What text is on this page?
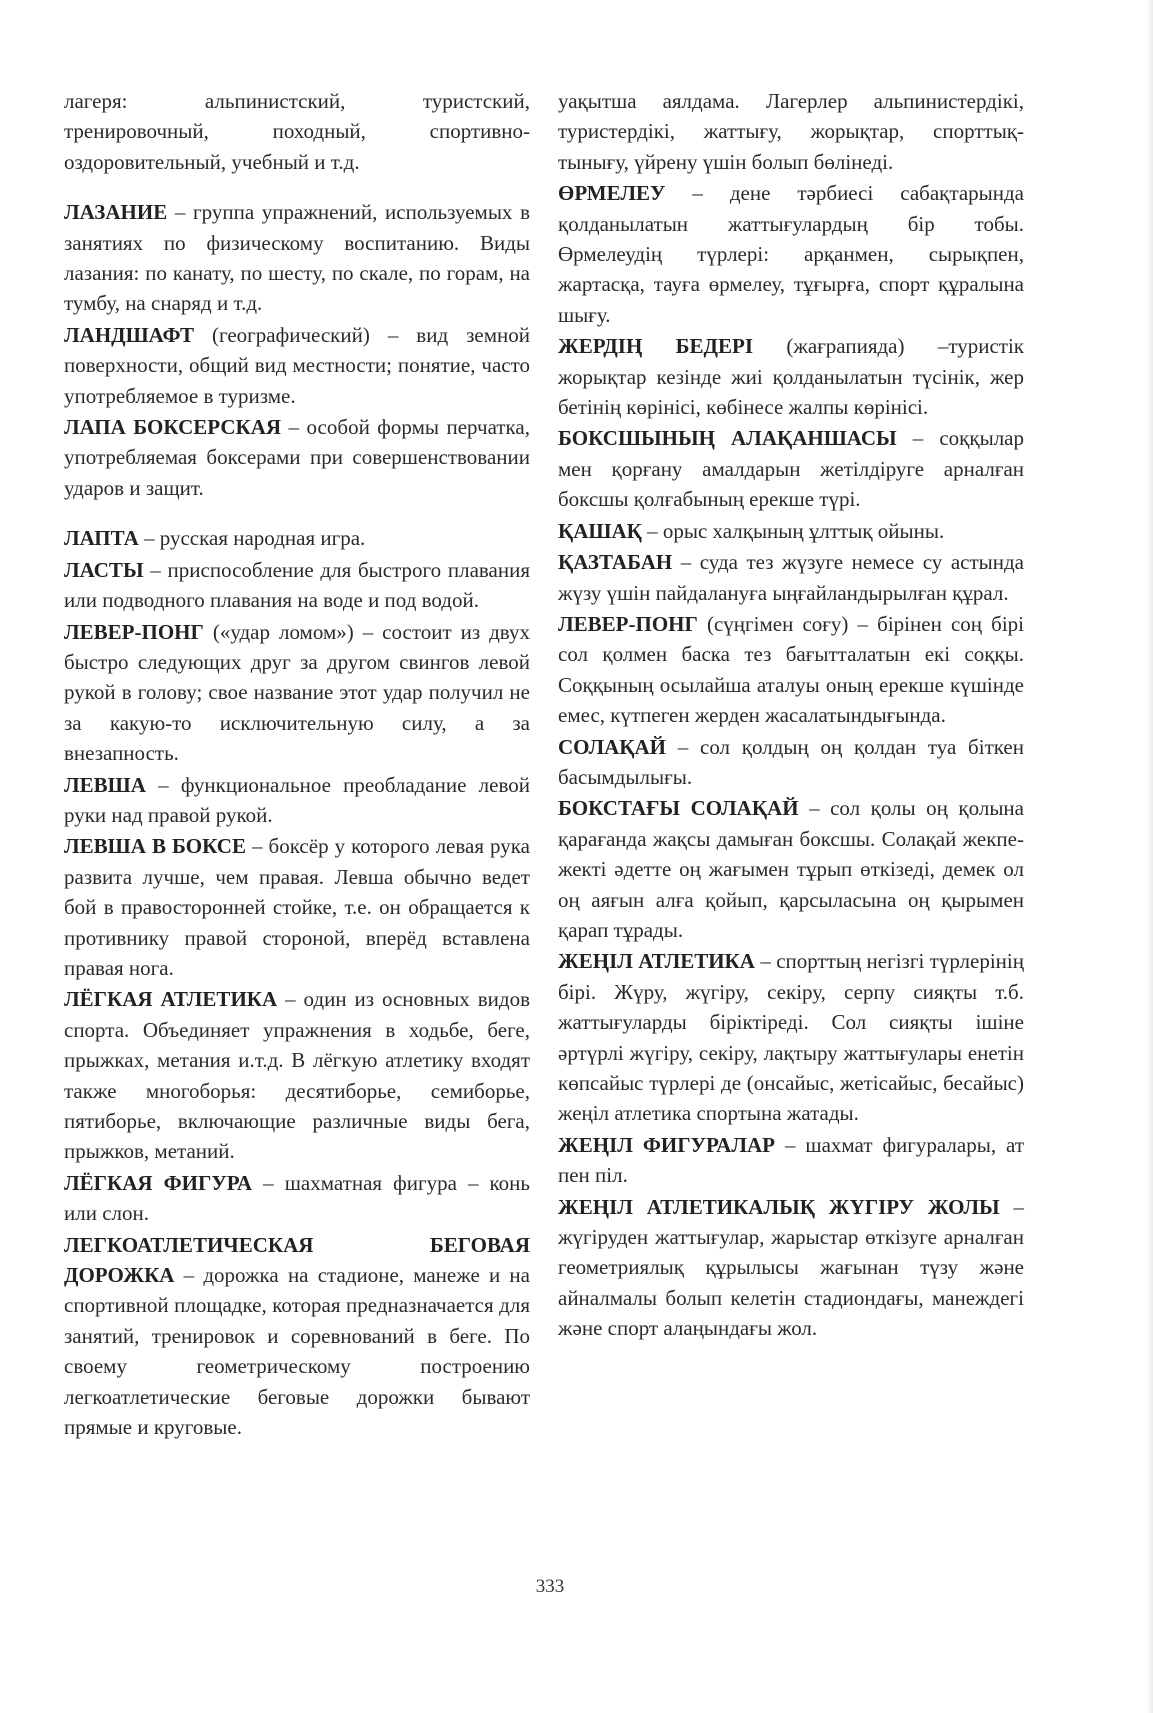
лагеря: альпинистский, туристский, тренировочный, походный, спортивно-оздоровительный, учебный и т.д.

ЛАЗАНИЕ – группа упражнений, используемых в занятиях по физическому воспитанию. Виды лазания: по канату, по шесту, по скале, по горам, на тумбу, на снаряд и т.д.

ЛАНДШАФТ (географический) – вид земной поверхности, общий вид местности; понятие, часто употребляемое в туризме.

ЛАПА БОКСЕРСКАЯ – особой формы перчатка, употребляемая боксерами при совершенствовании ударов и защит.

ЛАПТА – русская народная игра.

ЛАСТЫ – приспособление для быстрого плавания или подводного плавания на воде и под водой.

ЛЕВЕР-ПОНГ («удар ломом») – состоит из двух быстро следующих друг за другом свингов левой рукой в голову; свое название этот удар получил не за какую-то исключительную силу, а за внезапность.

ЛЕВША – функциональное преобладание левой руки над правой рукой.

ЛЕВША В БОКСЕ – боксёр у которого левая рука развита лучше, чем правая. Левша обычно ведет бой в правосторонней стойке, т.е. он обращается к противнику правой стороной, вперёд вставлена правая нога.

ЛЁГКАЯ АТЛЕТИКА – один из основных видов спорта. Объединяет упражнения в ходьбе, беге, прыжках, метания и.т.д. В лёгкую атлетику входят также многоборья: десятиборье, семиборье, пятиборье, включающие различные виды бега, прыжков, метаний.

ЛЁГКАЯ ФИГУРА – шахматная фигура – конь или слон.

ЛЕГКОАТЛЕТИЧЕСКАЯ БЕГОВАЯ ДОРОЖКА – дорожка на стадионе, манеже и на спортивной площадке, которая предназначается для занятий, тренировок и соревнований в беге. По своему геометрическому построению легкоатлетические беговые дорожки бывают прямые и круговые.

уақытша аялдама. Лагерлер альпинистердікі, туристердікі, жаттығу, жорықтар, спорттық-тынығу, үйрену үшін болып бөлінеді.

ӨРМЕЛЕУ – дене тәрбиесі сабақтарында қолданылатын жаттығулардың бір тобы. Өрмелеудің түрлері: арқанмен, сырықпен, жартасқа, тауға өрмелеу, тұғырға, спорт құралына шығу.

ЖЕРДІҢ БЕДЕРІ (жағрапияда) –туристік жорықтар кезінде жиі қолданылатын түсінік, жер бетінің көрінісі, көбінесе жалпы көрінісі.

БОКСШЫНЫҢ АЛАҚАНШАСЫ – соққылар мен қорғану амалдарын жетілдіруге арналған боксшы қолғабының ерекше түрі.

ҚАШАҚ – орыс халқының ұлттық ойыны.

ҚАЗТАБАН – суда тез жүзуге немесе су астында жүзу үшін пайдалануға ыңғайландырылған құрал.

ЛЕВЕР-ПОНГ (сүңгімен соғу) – бірінен соң бірі сол қолмен баска тез бағытталатын екі соққы. Соққының осылайша аталуы оның ерекше күшінде емес, күтпеген жерден жасалатындығында.

СОЛАҚАЙ – сол қолдың оң қолдан туа біткен басымдылығы.

БОКСТАҒЫ СОЛАҚАЙ – сол қолы оң қолына қарағанда жақсы дамыған боксшы. Солақай жекпе-жекті әдетте оң жағымен тұрып өткізеді, демек ол оң аяғын алға қойып, қарсыласына оң қырымен қарап тұрады.

ЖЕҢІЛ АТЛЕТИКА – спорттың негізгі түрлерінің бірі. Жүру, жүгіру, секіру, серпу сияқты т.б. жаттығуларды біріктіреді. Сол сияқты ішіне әртүрлі жүгіру, секіру, лақтыру жаттығулары енетін көпсайыс түрлері де (онсайыс, жетісайыс, бесайыс) жеңіл атлетика спортына жатады.

ЖЕҢІЛ ФИГУРАЛАР – шахмат фигуралары, ат пен піл.

ЖЕҢІЛ АТЛЕТИКАЛЫҚ ЖҮГІРУ ЖОЛЫ – жүгіруден жаттығулар, жарыстар өткізуге арналған геометриялық құрылысы жағынан түзу және айналмалы болып келетін стадиондағы, манеждегі және спорт алаңындағы жол.

333
